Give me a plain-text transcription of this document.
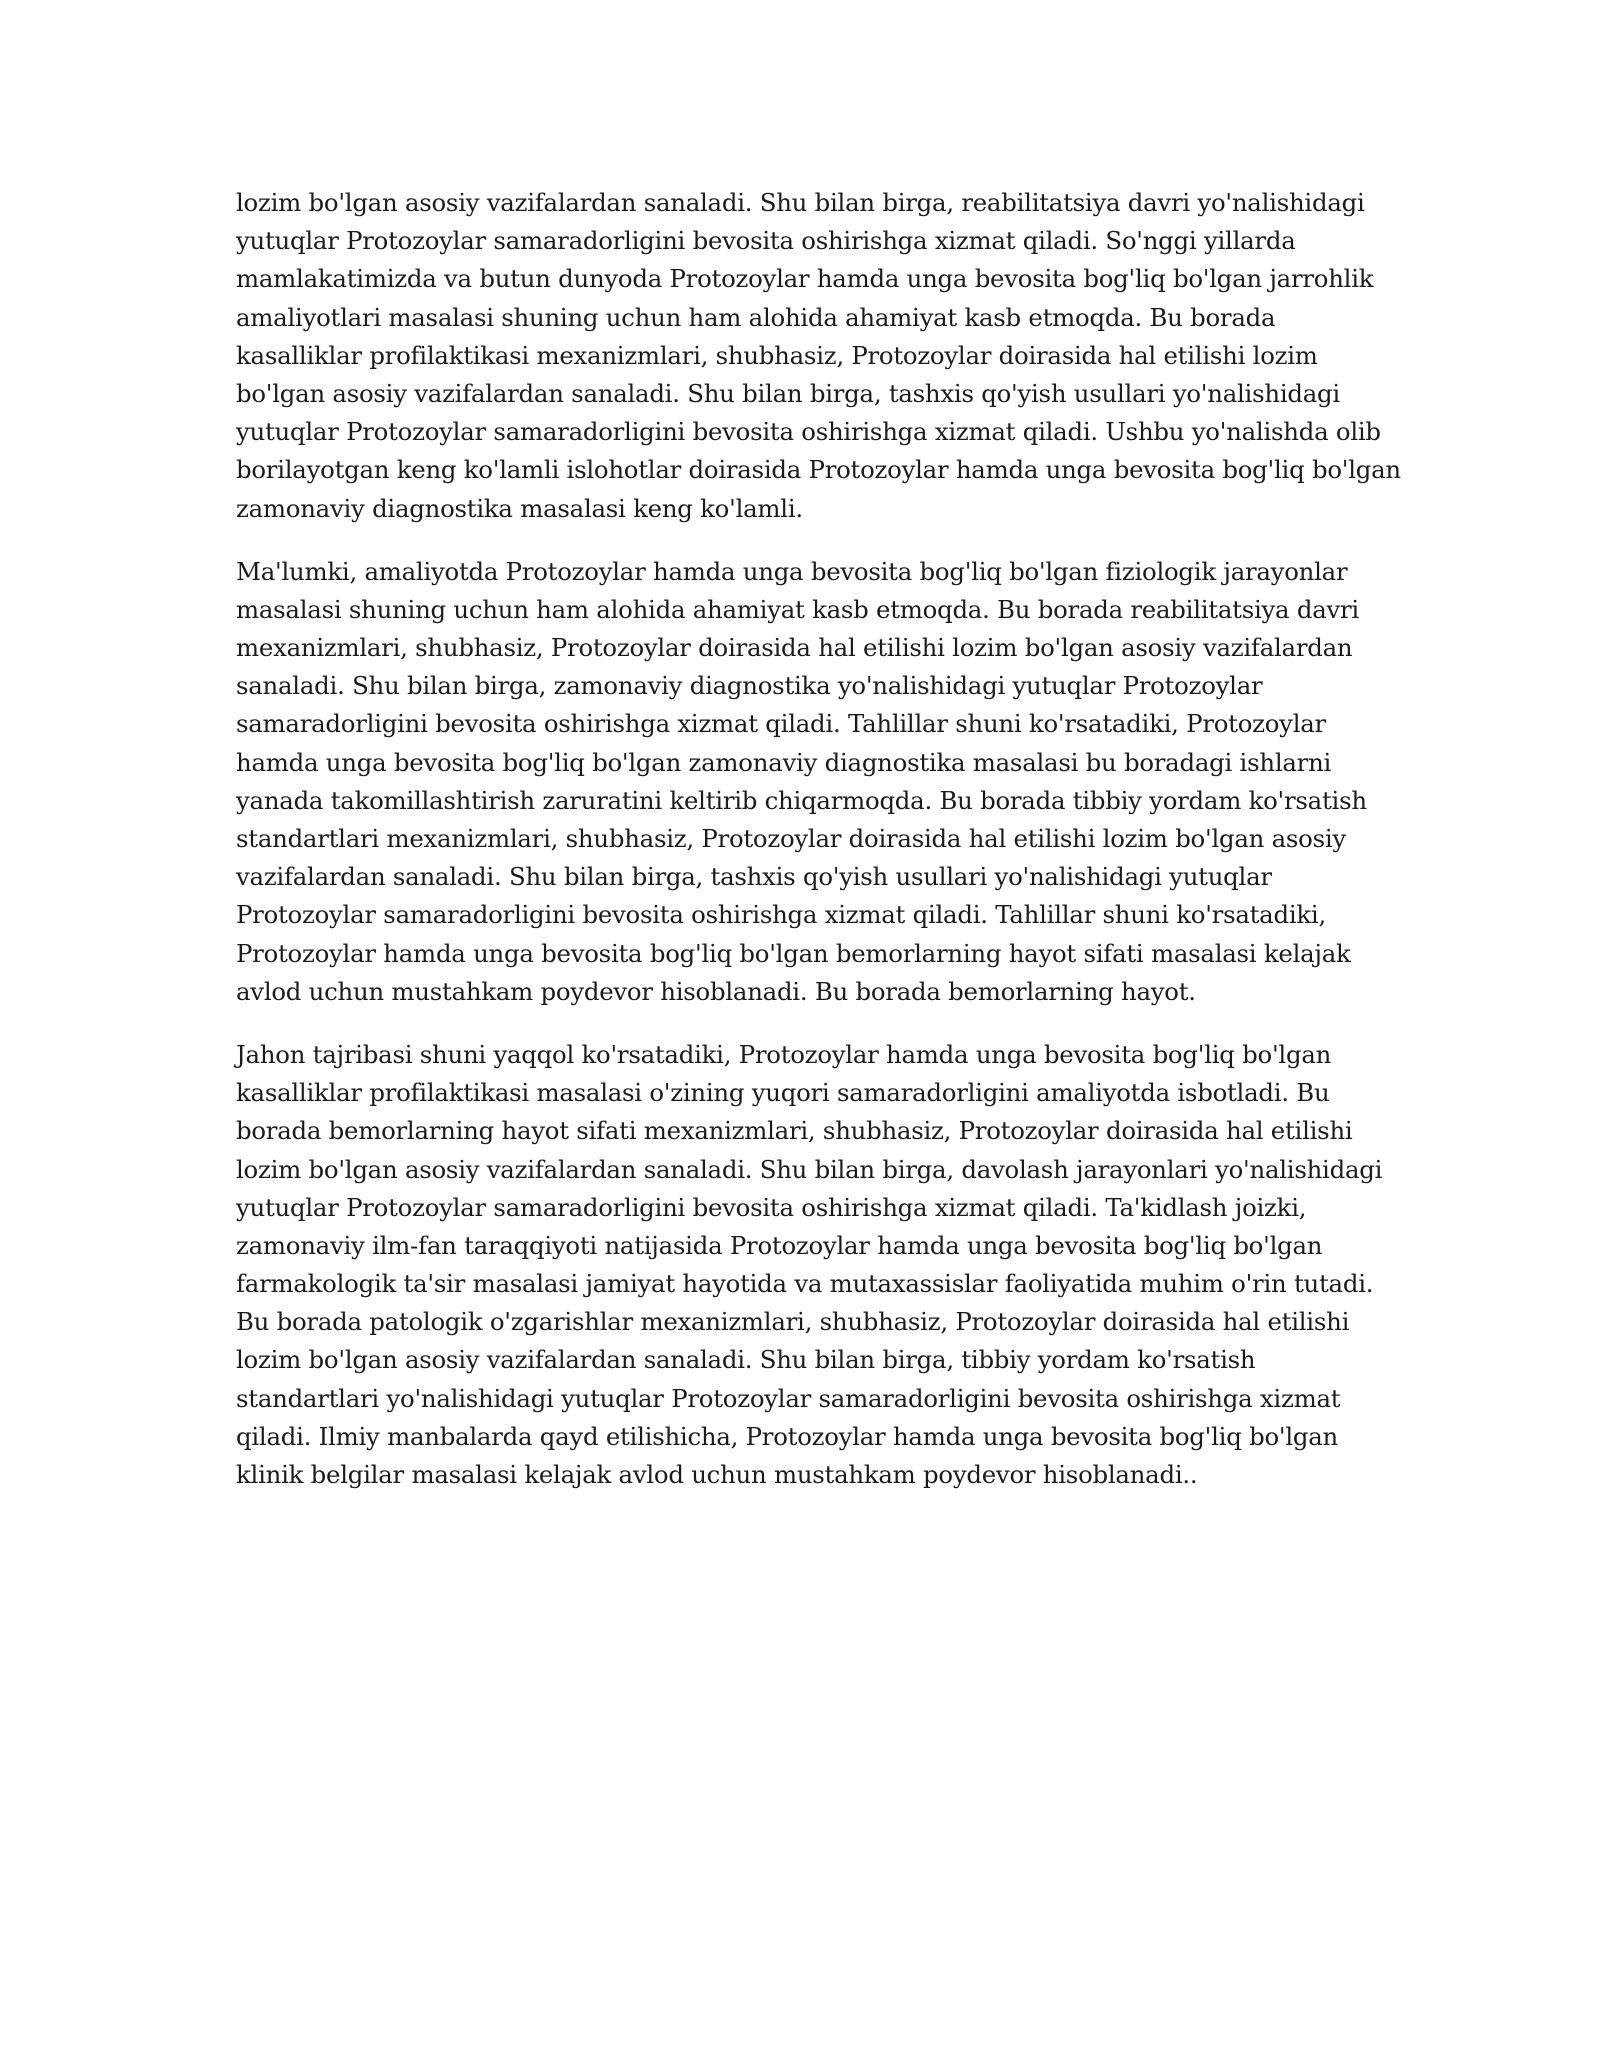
lozim bo'lgan asosiy vazifalardan sanaladi. Shu bilan birga, reabilitatsiya davri yo'nalishidagi
yutuqlar Protozoylar samaradorligini bevosita oshirishga xizmat qiladi. So'nggi yillarda
mamlakatimizda va butun dunyoda Protozoylar hamda unga bevosita bog'liq bo'lgan jarrohlik
amaliyotlari masalasi shuning uchun ham alohida ahamiyat kasb etmoqda. Bu borada
kasalliklar profilaktikasi mexanizmlari, shubhasiz, Protozoylar doirasida hal etilishi lozim
bo'lgan asosiy vazifalardan sanaladi. Shu bilan birga, tashxis qo'yish usullari yo'nalishidagi
yutuqlar Protozoylar samaradorligini bevosita oshirishga xizmat qiladi. Ushbu yo'nalishda olib
borilayotgan keng ko'lamli islohotlar doirasida Protozoylar hamda unga bevosita bog'liq bo'lgan
zamonaviy diagnostika masalasi keng ko'lamli.

Ma'lumki, amaliyotda Protozoylar hamda unga bevosita bog'liq bo'lgan fiziologik jarayonlar
masalasi shuning uchun ham alohida ahamiyat kasb etmoqda. Bu borada reabilitatsiya davri
mexanizmlari, shubhasiz, Protozoylar doirasida hal etilishi lozim bo'lgan asosiy vazifalardan
sanaladi. Shu bilan birga, zamonaviy diagnostika yo'nalishidagi yutuqlar Protozoylar
samaradorligini bevosita oshirishga xizmat qiladi. Tahlillar shuni ko'rsatadiki, Protozoylar
hamda unga bevosita bog'liq bo'lgan zamonaviy diagnostika masalasi bu boradagi ishlarni
yanada takomillashtirish zaruratini keltirib chiqarmoqda. Bu borada tibbiy yordam ko'rsatish
standartlari mexanizmlari, shubhasiz, Protozoylar doirasida hal etilishi lozim bo'lgan asosiy
vazifalardan sanaladi. Shu bilan birga, tashxis qo'yish usullari yo'nalishidagi yutuqlar
Protozoylar samaradorligini bevosita oshirishga xizmat qiladi. Tahlillar shuni ko'rsatadiki,
Protozoylar hamda unga bevosita bog'liq bo'lgan bemorlarning hayot sifati masalasi kelajak
avlod uchun mustahkam poydevor hisoblanadi. Bu borada bemorlarning hayot.

Jahon tajribasi shuni yaqqol ko'rsatadiki, Protozoylar hamda unga bevosita bog'liq bo'lgan
kasalliklar profilaktikasi masalasi o'zining yuqori samaradorligini amaliyotda isbotladi. Bu
borada bemorlarning hayot sifati mexanizmlari, shubhasiz, Protozoylar doirasida hal etilishi
lozim bo'lgan asosiy vazifalardan sanaladi. Shu bilan birga, davolash jarayonlari yo'nalishidagi
yutuqlar Protozoylar samaradorligini bevosita oshirishga xizmat qiladi. Ta'kidlash joizki,
zamonaviy ilm-fan taraqqiyoti natijasida Protozoylar hamda unga bevosita bog'liq bo'lgan
farmakologik ta'sir masalasi jamiyat hayotida va mutaxassislar faoliyatida muhim o'rin tutadi.
Bu borada patologik o'zgarishlar mexanizmlari, shubhasiz, Protozoylar doirasida hal etilishi
lozim bo'lgan asosiy vazifalardan sanaladi. Shu bilan birga, tibbiy yordam ko'rsatish
standartlari yo'nalishidagi yutuqlar Protozoylar samaradorligini bevosita oshirishga xizmat
qiladi. Ilmiy manbalarda qayd etilishicha, Protozoylar hamda unga bevosita bog'liq bo'lgan
klinik belgilar masalasi kelajak avlod uchun mustahkam poydevor hisoblanadi..
